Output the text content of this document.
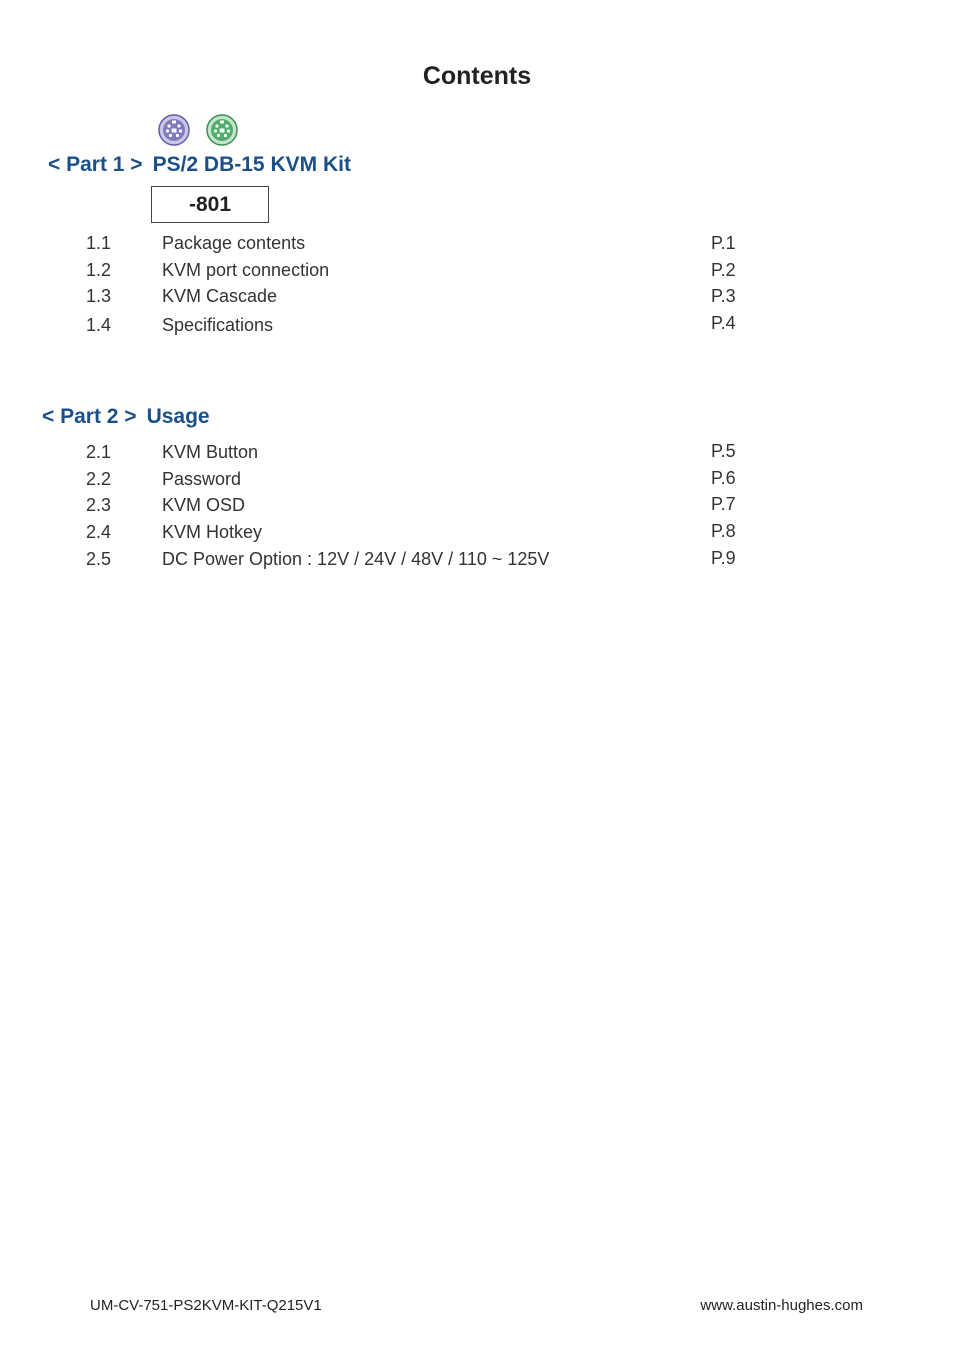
Contents
< Part 1 > PS/2 DB-15 KVM Kit
-801
1.1	Package contents	P.1
1.2	KVM port connection	P.2
1.3	KVM Cascade	P.3
1.4	Specifications	P.4
< Part 2 > Usage
2.1	KVM Button	P.5
2.2	Password	P.6
2.3	KVM OSD	P.7
2.4	KVM Hotkey	P.8
2.5	DC Power Option : 12V / 24V / 48V / 110 ~ 125V	P.9
UM-CV-751-PS2KVM-KIT-Q215V1	www.austin-hughes.com
